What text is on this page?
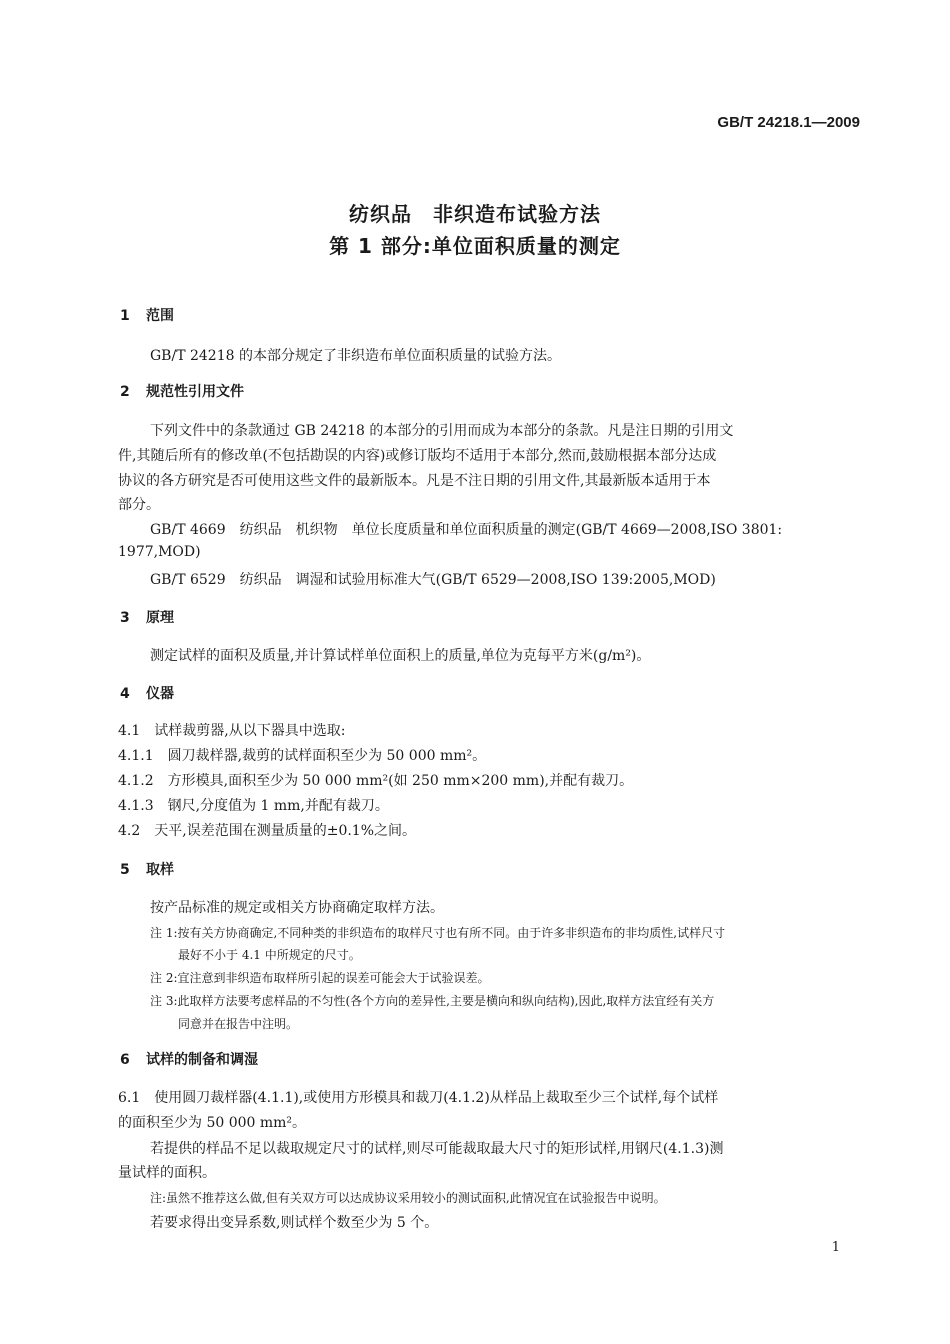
GB/T 24218.1—2009
纺织品　非织造布试验方法
第 1 部分:单位面积质量的测定
1 范围
GB/T 24218 的本部分规定了非织造布单位面积质量的试验方法。
2 规范性引用文件
下列文件中的条款通过 GB 24218 的本部分的引用而成为本部分的条款。凡是注日期的引用文
件,其随后所有的修改单(不包括勘误的内容)或修订版均不适用于本部分,然而,鼓励根据本部分达成
协议的各方研究是否可使用这些文件的最新版本。凡是不注日期的引用文件,其最新版本适用于本
部分。
GB/T 4669　纺织品　机织物　单位长度质量和单位面积质量的测定(GB/T 4669—2008,ISO 3801:
1977,MOD)
GB/T 6529　纺织品　调湿和试验用标准大气(GB/T 6529—2008,ISO 139:2005,MOD)
3 原理
测定试样的面积及质量,并计算试样单位面积上的质量,单位为克每平方米(g/m²)。
4 仪器
4.1　试样裁剪器,从以下器具中选取:
4.1.1　圆刀裁样器,裁剪的试样面积至少为 50 000 mm²。
4.1.2　方形模具,面积至少为 50 000 mm²(如 250 mm×200 mm),并配有裁刀。
4.1.3　钢尺,分度值为 1 mm,并配有裁刀。
4.2　天平,误差范围在测量质量的±0.1%之间。
5 取样
按产品标准的规定或相关方协商确定取样方法。
注 1:按有关方协商确定,不同种类的非织造布的取样尺寸也有所不同。由于许多非织造布的非均质性,试样尺寸
最好不小于 4.1 中所规定的尺寸。
注 2:宜注意到非织造布取样所引起的误差可能会大于试验误差。
注 3:此取样方法要考虑样品的不匀性(各个方向的差异性,主要是横向和纵向结构),因此,取样方法宜经有关方
同意并在报告中注明。
6 试样的制备和调湿
6.1　使用圆刀裁样器(4.1.1),或使用方形模具和裁刀(4.1.2)从样品上裁取至少三个试样,每个试样
的面积至少为 50 000 mm²。
若提供的样品不足以裁取规定尺寸的试样,则尽可能裁取最大尺寸的矩形试样,用钢尺(4.1.3)测
量试样的面积。
注:虽然不推荐这么做,但有关双方可以达成协议采用较小的测试面积,此情况宜在试验报告中说明。
若要求得出变异系数,则试样个数至少为 5 个。
1
